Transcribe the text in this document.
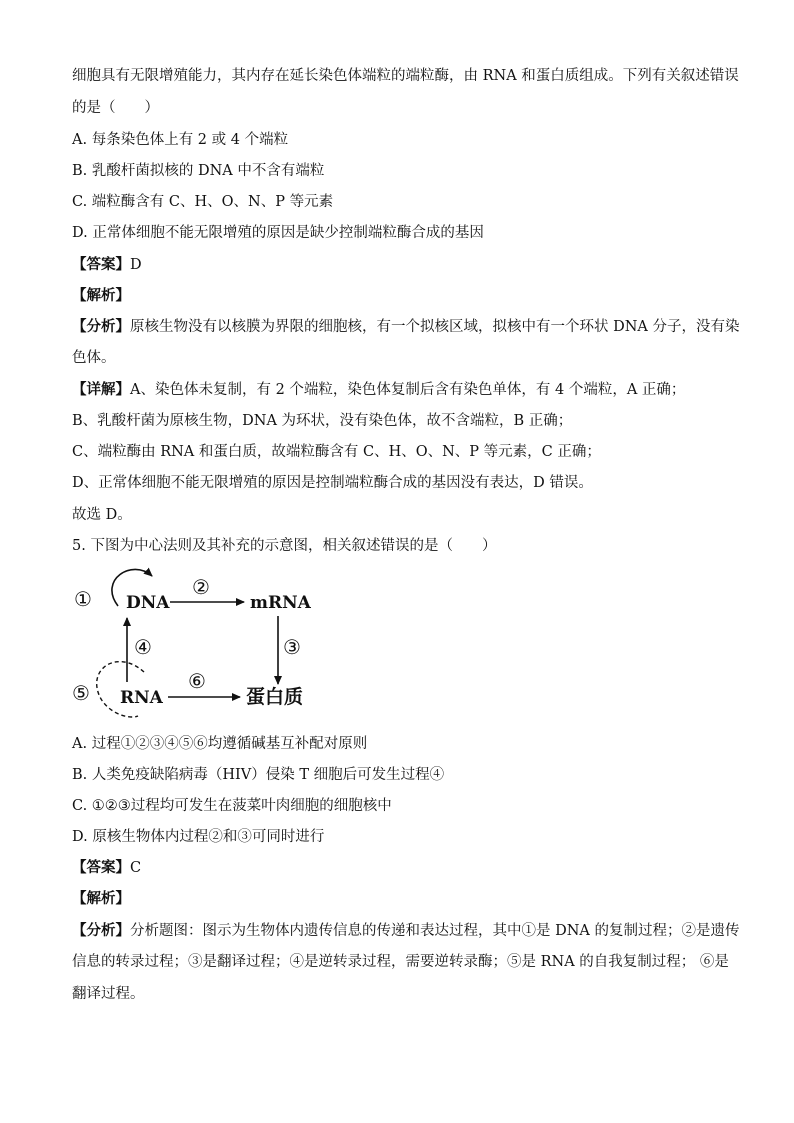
细胞具有无限增殖能力，其内存在延长染色体端粒的端粒酶，由 RNA 和蛋白质组成。下列有关叙述错误
的是（　　）
A. 每条染色体上有 2 或 4 个端粒
B. 乳酸杆菌拟核的 DNA 中不含有端粒
C. 端粒酶含有 C、H、O、N、P 等元素
D. 正常体细胞不能无限增殖的原因是缺少控制端粒酶合成的基因
【答案】D
【解析】
【分析】原核生物没有以核膜为界限的细胞核，有一个拟核区域，拟核中有一个环状 DNA 分子，没有染
色体。
【详解】A、染色体未复制，有 2 个端粒，染色体复制后含有染色单体，有 4 个端粒，A 正确；
B、乳酸杆菌为原核生物，DNA 为环状，没有染色体，故不含端粒，B 正确；
C、端粒酶由 RNA 和蛋白质，故端粒酶含有 C、H、O、N、P 等元素，C 正确；
D、正常体细胞不能无限增殖的原因是控制端粒酶合成的基因没有表达，D 错误。
故选 D。
5. 下图为中心法则及其补充的示意图，相关叙述错误的是（　　）
① DNA
②
mRNA
③
④
⑤ RNA
⑥
蛋白质
A. 过程①②③④⑤⑥均遵循碱基互补配对原则
B. 人类免疫缺陷病毒（HIV）侵染 T 细胞后可发生过程④
C. ①②③过程均可发生在菠菜叶肉细胞的细胞核中
D. 原核生物体内过程②和③可同时进行
【答案】C
【解析】
【分析】分析题图：图示为生物体内遗传信息的传递和表达过程，其中①是 DNA 的复制过程；②是遗传
信息的转录过程；③是翻译过程；④是逆转录过程，需要逆转录酶；⑤是 RNA 的自我复制过程； ⑥是
翻译过程。
